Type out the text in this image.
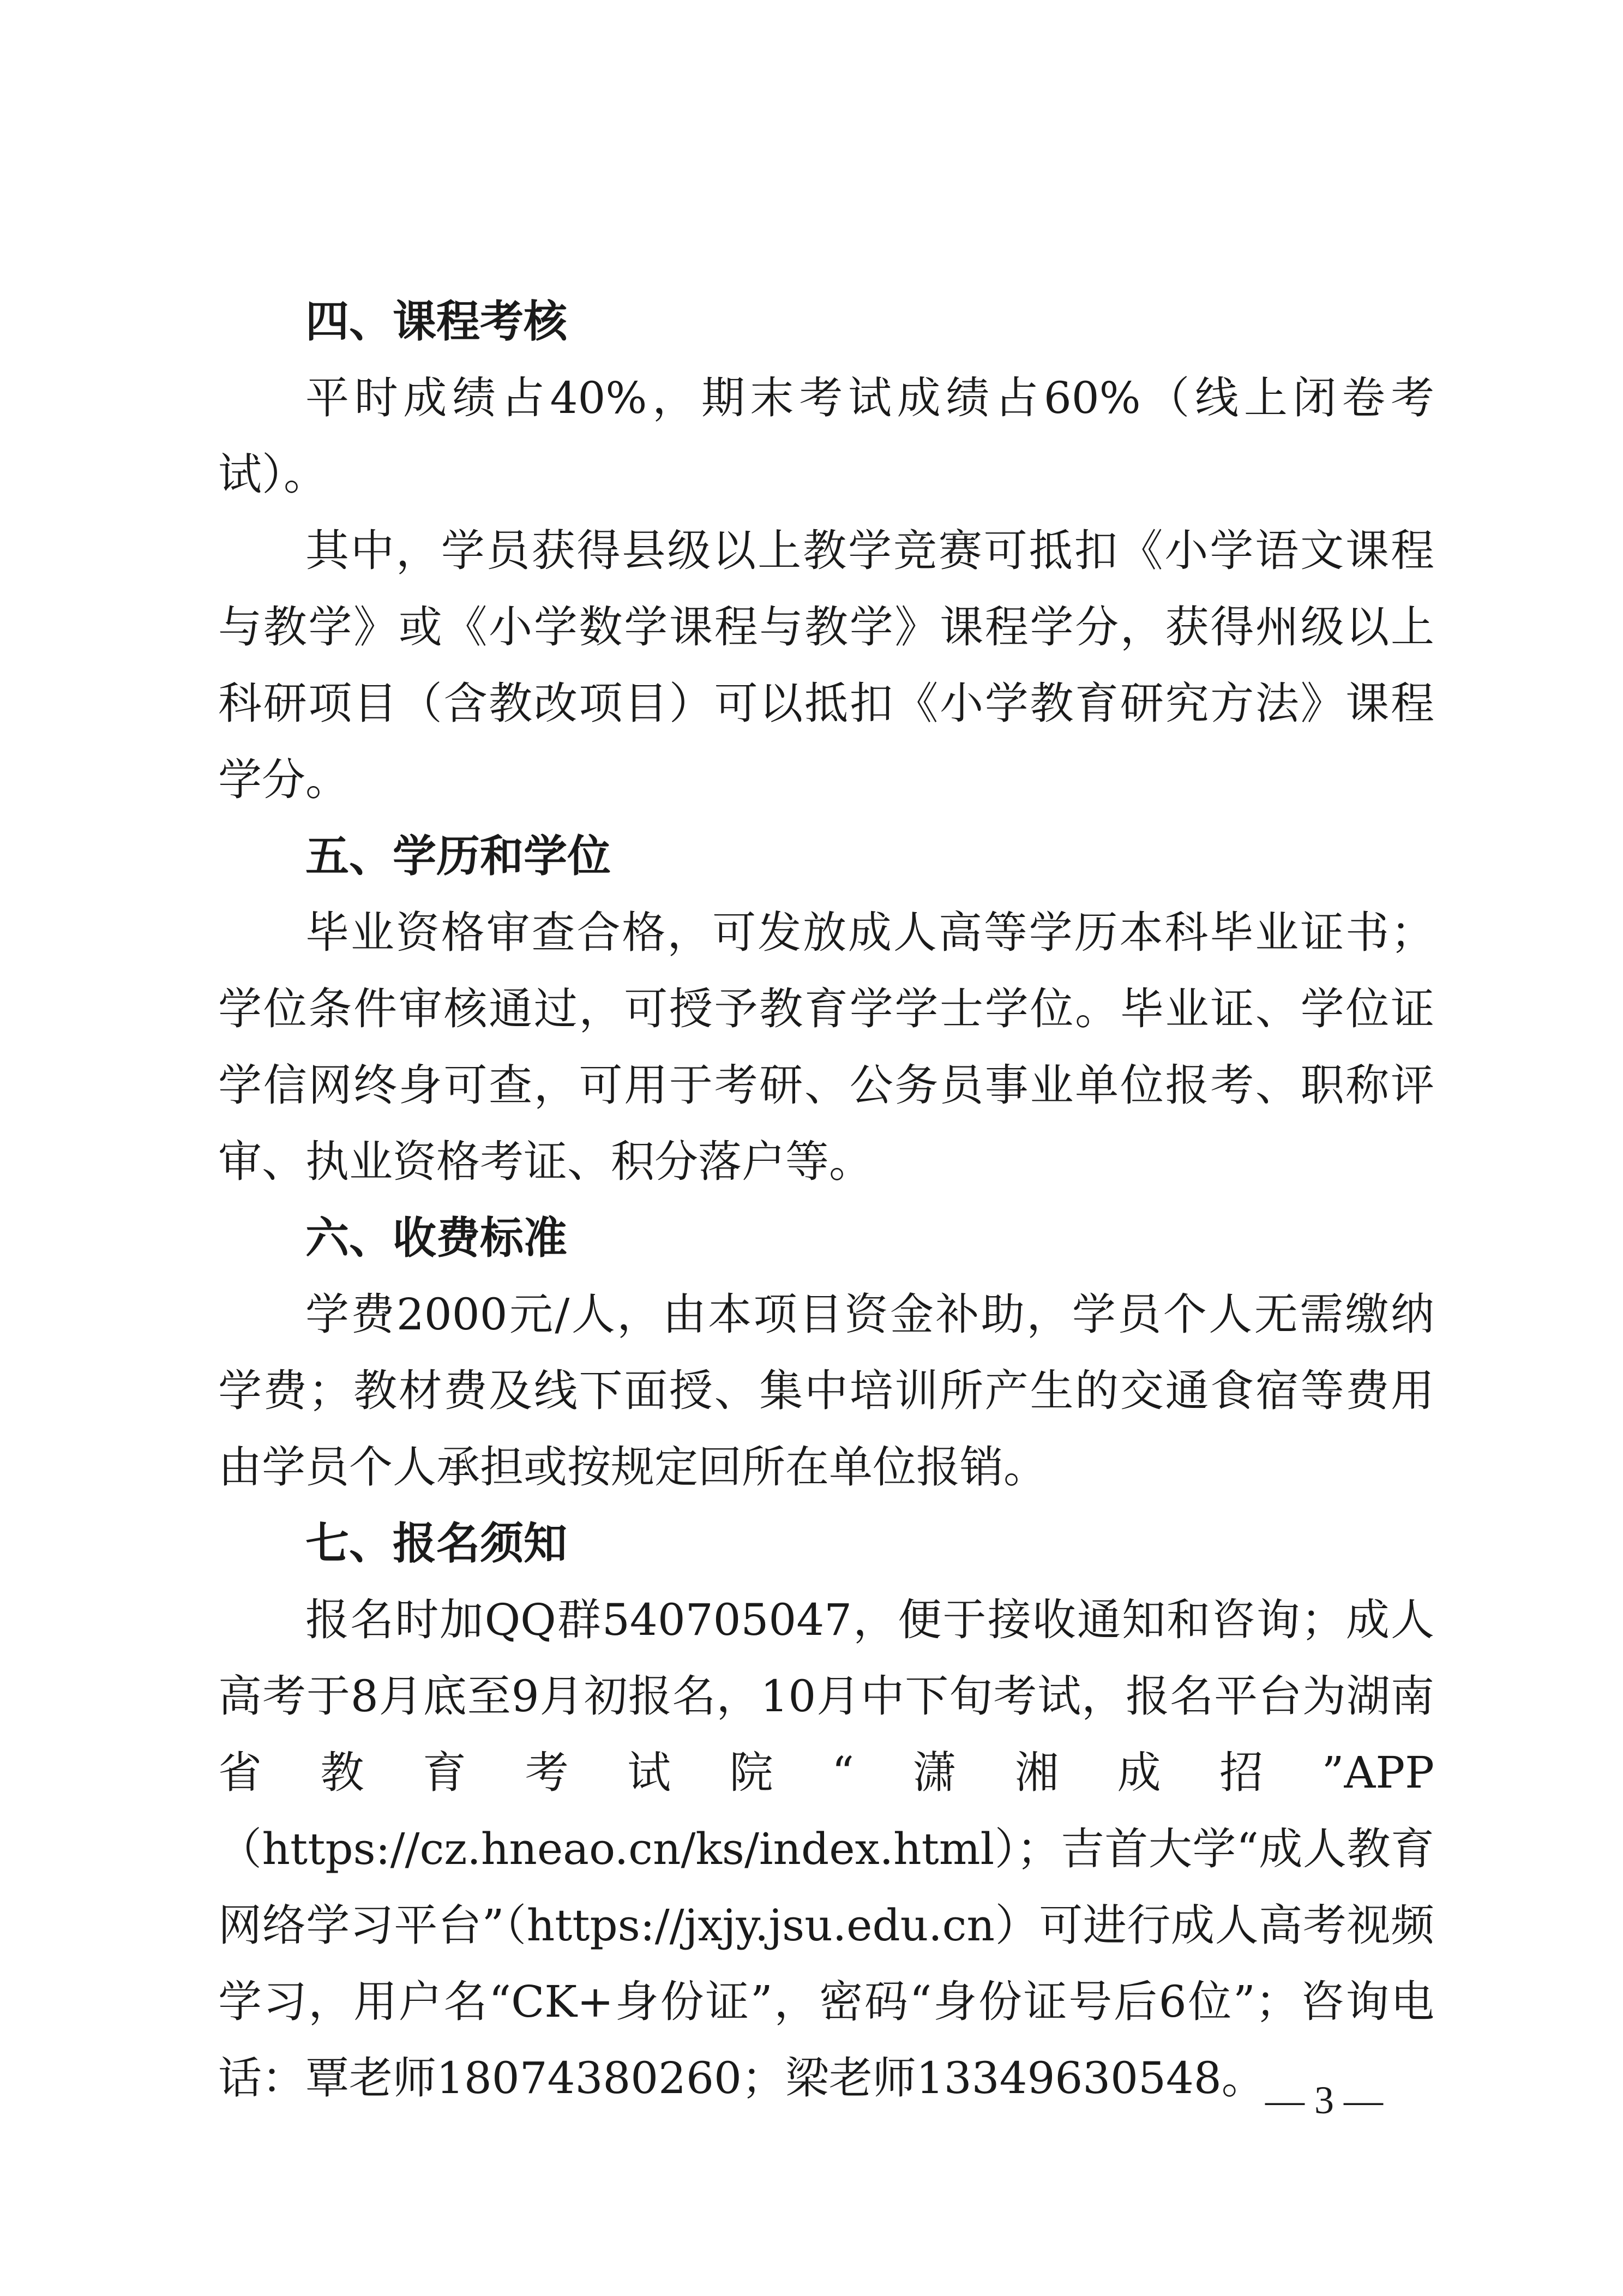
四、课程考核

平时成绩占40%，期末考试成绩占60%（线上闭卷考试）。

其中，学员获得县级以上教学竞赛可抵扣《小学语文课程与教学》或《小学数学课程与教学》课程学分，获得州级以上科研项目（含教改项目）可以抵扣《小学教育研究方法》课程学分。

五、学历和学位

毕业资格审查合格，可发放成人高等学历本科毕业证书；学位条件审核通过，可授予教育学学士学位。毕业证、学位证学信网终身可查，可用于考研、公务员事业单位报考、职称评审、执业资格考证、积分落户等。

六、收费标准

学费2000元/人，由本项目资金补助，学员个人无需缴纳学费；教材费及线下面授、集中培训所产生的交通食宿等费用由学员个人承担或按规定回所在单位报销。

七、报名须知

报名时加QQ群540705047，便于接收通知和咨询；成人高考于8月底至9月初报名，10月中下旬考试，报名平台为湖南省教育考试院“潇湘成招”APP（https://cz.hneao.cn/ks/index.html）；吉首大学“成人教育网络学习平台”（https://jxjy.jsu.edu.cn）可进行成人高考视频学习，用户名“CK+身份证”，密码“身份证号后6位”；咨询电话：覃老师18074380260；梁老师13349630548。 — 3 —
